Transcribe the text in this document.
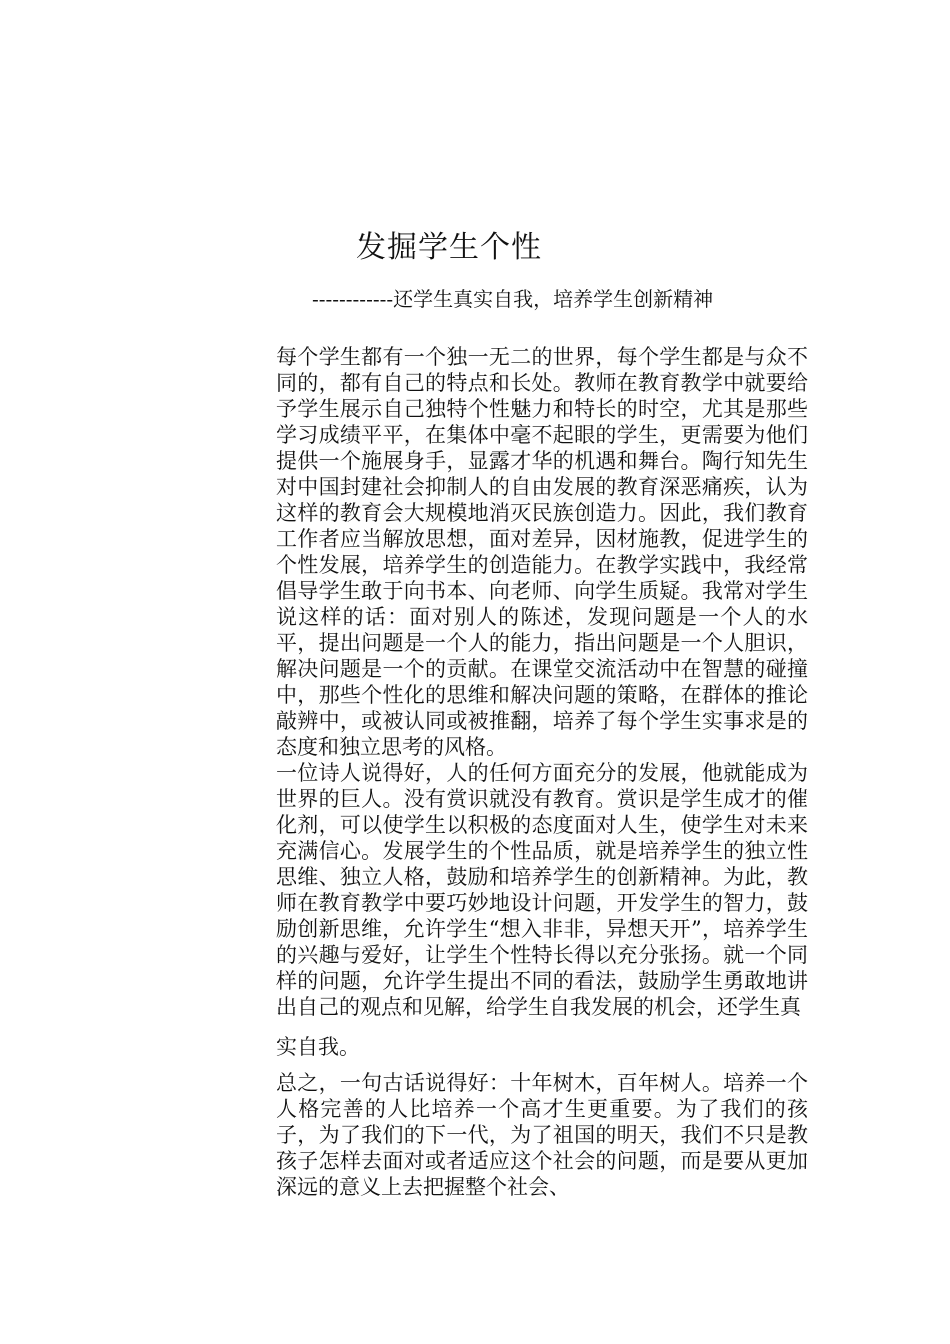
发掘学生个性
------------还学生真实自我，培养学生创新精神

每个学生都有一个独一无二的世界，每个学生都是与众不同的，都有自己的特点和长处。教师在教育教学中就要给予学生展示自己独特个性魅力和特长的时空，尤其是那些学习成绩平平，在集体中毫不起眼的学生，更需要为他们提供一个施展身手，显露才华的机遇和舞台。陶行知先生对中国封建社会抑制人的自由发展的教育深恶痛疾，认为这样的教育会大规模地消灭民族创造力。因此，我们教育工作者应当解放思想，面对差异，因材施教，促进学生的个性发展，培养学生的创造能力。在教学实践中，我经常倡导学生敢于向书本、向老师、向学生质疑。我常对学生说这样的话：面对别人的陈述，发现问题是一个人的水平，提出问题是一个人的能力，指出问题是一个人胆识，解决问题是一个的贡献。在课堂交流活动中在智慧的碰撞中，那些个性化的思维和解决问题的策略，在群体的推论敲辨中，或被认同或被推翻，培养了每个学生实事求是的态度和独立思考的风格。

一位诗人说得好，人的任何方面充分的发展，他就能成为世界的巨人。没有赏识就没有教育。赏识是学生成才的催化剂，可以使学生以积极的态度面对人生，使学生对未来充满信心。发展学生的个性品质，就是培养学生的独立性思维、独立人格，鼓励和培养学生的创新精神。为此，教师在教育教学中要巧妙地设计问题，开发学生的智力，鼓励创新思维，允许学生“想入非非，异想天开”，培养学生的兴趣与爱好，让学生个性特长得以充分张扬。就一个同样的问题，允许学生提出不同的看法，鼓励学生勇敢地讲出自己的观点和见解，给学生自我发展的机会，还学生真

实自我。

总之，一句古话说得好：十年树木，百年树人。培养一个人格完善的人比培养一个高才生更重要。为了我们的孩子，为了我们的下一代，为了祖国的明天，我们不只是教孩子怎样去面对或者适应这个社会的问题，而是要从更加深远的意义上去把握整个社会、
